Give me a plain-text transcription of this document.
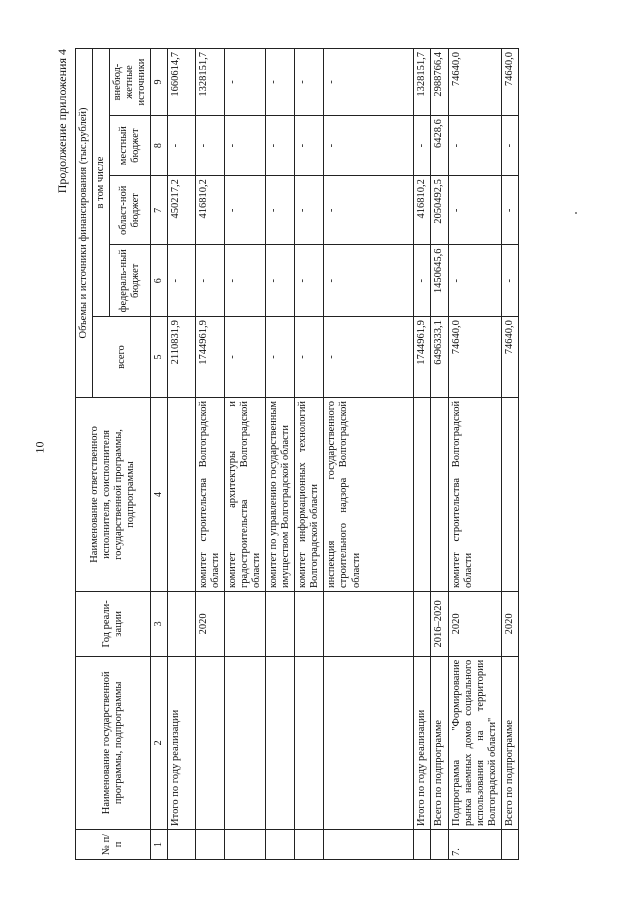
10
Продолжение приложения 4
№ п/п	Наименование государственной программы, подпрограммы	Год реали-зации	Наименование ответственного исполнителя, соисполнителя государственной программы, подпрограммы	Объемы и источники финансирования (тыс.рублей)				
				всего	в том числе			
					федераль-ный бюджет	област-ной бюджет	местный бюджет	внебюд-жетные источники
1	2	3	4	5	6	7	8	9
	Итого по году реализации			2110831,9	-	450217,2	-	1660614,7
		2020	комитет строительства Волгоградской области	1744961,9	-	416810,2	-	1328151,7
			комитет архитектуры и градостроительства Волгоградской области	-	-	-	-	-
			комитет по управлению государственным имуществом Волгоградской области	-	-	-	-	-
			комитет информационных технологий Волгоградской области	-	-	-	-	-
			инспекция государственного строительного надзора Волгоградской области	-	-	-	-	-
	Итого по году реализации			1744961,9	-	416810,2	-	1328151,7
	Всего по подпрограмме	2016–2020		6496333,1	1450645,6	2050492,5	6428,6	2988766,4
7.	Подпрограмма "Формирование рынка наемных домов социального использования на территории Волгоградской области"	2020	комитет строительства Волгоградской области	74640,0	-	-	-	74640,0
	Всего по подпрограмме	2020		74640,0	-	-	-	74640,0
